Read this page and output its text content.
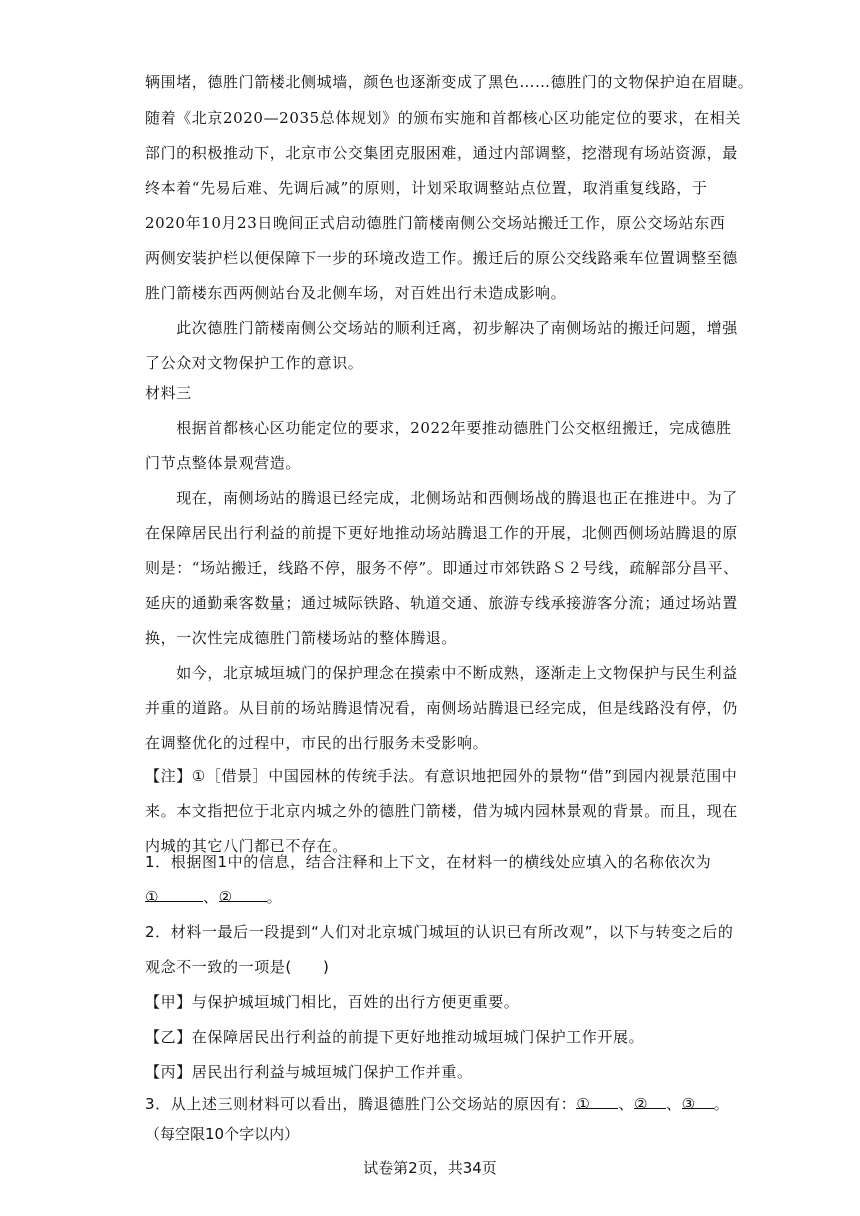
辆围堵，德胜门箭楼北侧城墙，颜色也逐渐变成了黑色……德胜门的文物保护迫在眉睫。
随着《北京2020—2035总体规划》的颁布实施和首都核心区功能定位的要求，在相关
部门的积极推动下，北京市公交集团克服困难，通过内部调整，挖潜现有场站资源，最
终本着“先易后难、先调后减”的原则，计划采取调整站点位置，取消重复线路，于
2020年10月23日晚间正式启动德胜门箭楼南侧公交场站搬迁工作，原公交场站东西
两侧安装护栏以便保障下一步的环境改造工作。搬迁后的原公交线路乘车位置调整至德
胜门箭楼东西两侧站台及北侧车场，对百姓出行未造成影响。
　　此次德胜门箭楼南侧公交场站的顺利迁离，初步解决了南侧场站的搬迁问题，增强
了公众对文物保护工作的意识。
材料三
　　根据首都核心区功能定位的要求，2022年要推动德胜门公交枢纽搬迁，完成德胜
门节点整体景观营造。
　　现在，南侧场站的腾退已经完成，北侧场站和西侧场战的腾退也正在推进中。为了
在保障居民出行利益的前提下更好地推动场站腾退工作的开展，北侧西侧场站腾退的原
则是：“场站搬迁，线路不停，服务不停”。即通过市郊铁路Ｓ２号线，疏解部分昌平、
延庆的通勤乘客数量；通过城际铁路、轨道交通、旅游专线承接游客分流；通过场站置
换，一次性完成德胜门箭楼场站的整体腾退。
　　如今，北京城垣城门的保护理念在摸索中不断成熟，逐渐走上文物保护与民生利益
并重的道路。从目前的场站腾退情况看，南侧场站腾退已经完成，但是线路没有停，仍
在调整优化的过程中，市民的出行服务未受影响。
【注】①［借景］中国园林的传统手法。有意识地把园外的景物“借”到园内视景范围中
来。本文指把位于北京内城之外的德胜门箭楼，借为城内园林景观的背景。而且，现在
内城的其它八门都已不存在。
1．根据图1中的信息，结合注释和上下文，在材料一的横线处应填入的名称依次为
①	、② 。
2．材料一最后一段提到“人们对北京城门城垣的认识已有所改观”，以下与转变之后的
观念不一致的一项是(　　)
【甲】与保护城垣城门相比，百姓的出行方便更重要。
【乙】在保障居民出行利益的前提下更好地推动城垣城门保护工作开展。
【丙】居民出行利益与城垣城门保护工作并重。
3．从上述三则材料可以看出，腾退德胜门公交场站的原因有：① 、② 、③ 。
试卷第2页，共34页
（每空限10个字以内）
